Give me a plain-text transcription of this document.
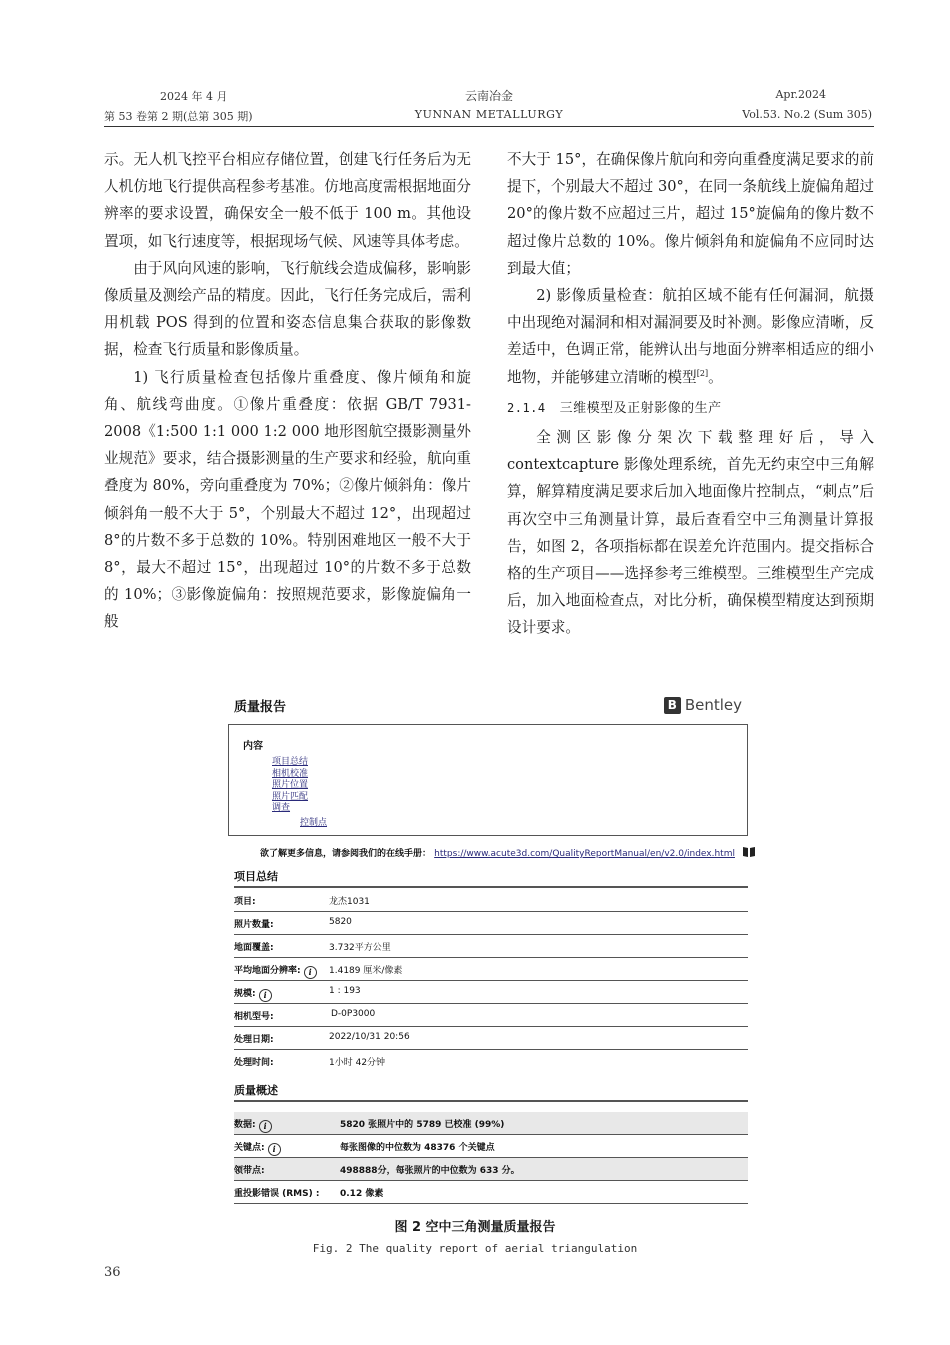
2024 年 4 月
第 53 卷第 2 期(总第 305 期)
云南冶金
YUNNAN METALLURGY
Apr.2024
Vol.53. No.2 (Sum 305)

示。无人机飞控平台相应存储位置，创建飞行任务后为无人机仿地飞行提供高程参考基准。仿地高度需根据地面分辨率的要求设置，确保安全一般不低于 100 m。其他设置项，如飞行速度等，根据现场气候、风速等具体考虑。

由于风向风速的影响，飞行航线会造成偏移，影响影像质量及测绘产品的精度。因此，飞行任务完成后，需利用机载 POS 得到的位置和姿态信息集合获取的影像数据，检查飞行质量和影像质量。

1) 飞行质量检查包括像片重叠度、像片倾角和旋角、航线弯曲度。①像片重叠度：依据 GB/T 7931-2008《1:500 1:1 000 1:2 000 地形图航空摄影测量外业规范》要求，结合摄影测量的生产要求和经验，航向重叠度为 80%，旁向重叠度为 70%；②像片倾斜角：像片倾斜角一般不大于 5°，个别最大不超过 12°，出现超过 8°的片数不多于总数的 10%。特别困难地区一般不大于 8°，最大不超过 15°，出现超过 10°的片数不多于总数的 10%；③影像旋偏角：按照规范要求，影像旋偏角一般

不大于 15°，在确保像片航向和旁向重叠度满足要求的前提下，个别最大不超过 30°，在同一条航线上旋偏角超过 20°的像片数不应超过三片，超过 15°旋偏角的像片数不超过像片总数的 10%。像片倾斜角和旋偏角不应同时达到最大值；

2) 影像质量检查：航拍区域不能有任何漏洞，航摄中出现绝对漏洞和相对漏洞要及时补测。影像应清晰，反差适中，色调正常，能辨认出与地面分辨率相适应的细小地物，并能够建立清晰的模型[2]。

2.1.4 三维模型及正射影像的生产

全测区影像分架次下载整理好后，导入 contextcapture 影像处理系统，首先无约束空中三角解算，解算精度满足要求后加入地面像片控制点，“刺点”后再次空中三角测量计算，最后查看空中三角测量计算报告，如图 2，各项指标都在误差允许范围内。提交指标合格的生产项目——选择参考三维模型。三维模型生产完成后，加入地面检查点，对比分析，确保模型精度达到预期设计要求。

质量报告	B Bentley
内容
项目总结
相机校准
照片位置
照片匹配
调查
控制点
欲了解更多信息，请参阅我们的在线手册： https://www.acute3d.com/QualityReportManual/en/v2.0/index.html
项目总结
项目:	龙杰1031
照片数量:	5820
地面覆盖:	3.732平方公里
平均地面分辨率: i	1.4189 厘米/像素
规模: i	1 : 193
相机型号:	D-0P3000
处理日期:	2022/10/31 20:56
处理时间:	1小时 42分钟
质量概述
数据: i	5820 张照片中的 5789 已校准 (99%)
关键点: i	每张图像的中位数为 48376 个关键点
领带点:	498888分，每张照片的中位数为 633 分。
重投影错误 (RMS) : 0.12 像素
图 2 空中三角测量质量报告
Fig. 2 The quality report of aerial triangulation
36
